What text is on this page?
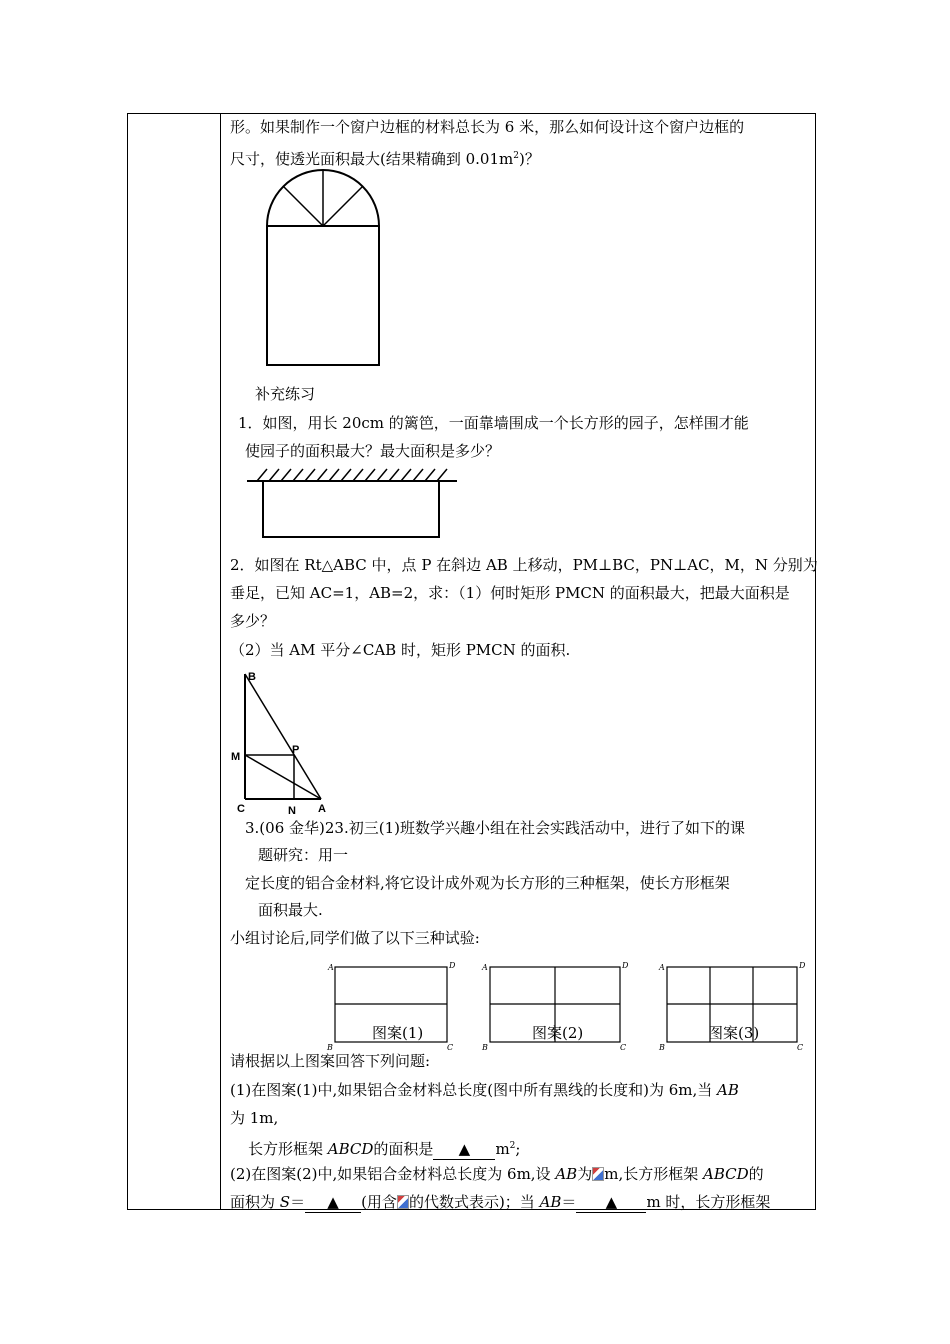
形。如果制作一个窗户边框的材料总长为 6 米，那么如何设计这个窗户边框的
尺寸，使透光面积最大(结果精确到 $0.01m^2$)？
补充练习
1．如图，用长 20cm 的篱笆，一面靠墙围成一个长方形的园子，怎样围才能
使园子的面积最大？最大面积是多少？
2．如图在 Rt△ABC 中，点 P 在斜边 AB 上移动，PM⊥BC，PN⊥AC，M，N 分别为
垂足，已知 AC=1，AB=2，求：（1）何时矩形 PMCN 的面积最大，把最大面积是
多少？
（2）当 AM 平分∠CAB 时，矩形 PMCN 的面积.
B
M
P
C	N A
3.(06 金华)23.初三(1)班数学兴趣小组在社会实践活动中，进行了如下的课
题研究：用一
定长度的铝合金材料,将它设计成外观为长方形的三种框架，使长方形框架
面积最大.
小组讨论后,同学们做了以下三种试验:
A	D
B	C
图案(1)
A	D
B	C
图案(2)
A	D
B	C
图案(3)
请根据以上图案回答下列问题:
(1)在图案(1)中,如果铝合金材料总长度(图中所有黑线的长度和)为 6m,当 AB
为 1m,
长方形框架 ABCD的面积是 ▲ $m^2$;
(2)在图案(2)中,如果铝合金材料总长度为 6m,设 AB为 m,长方形框架 ABCD的
面积为 S＝ ▲ (用含 的代数式表示)；当 AB＝ ▲ m 时，长方形框架
